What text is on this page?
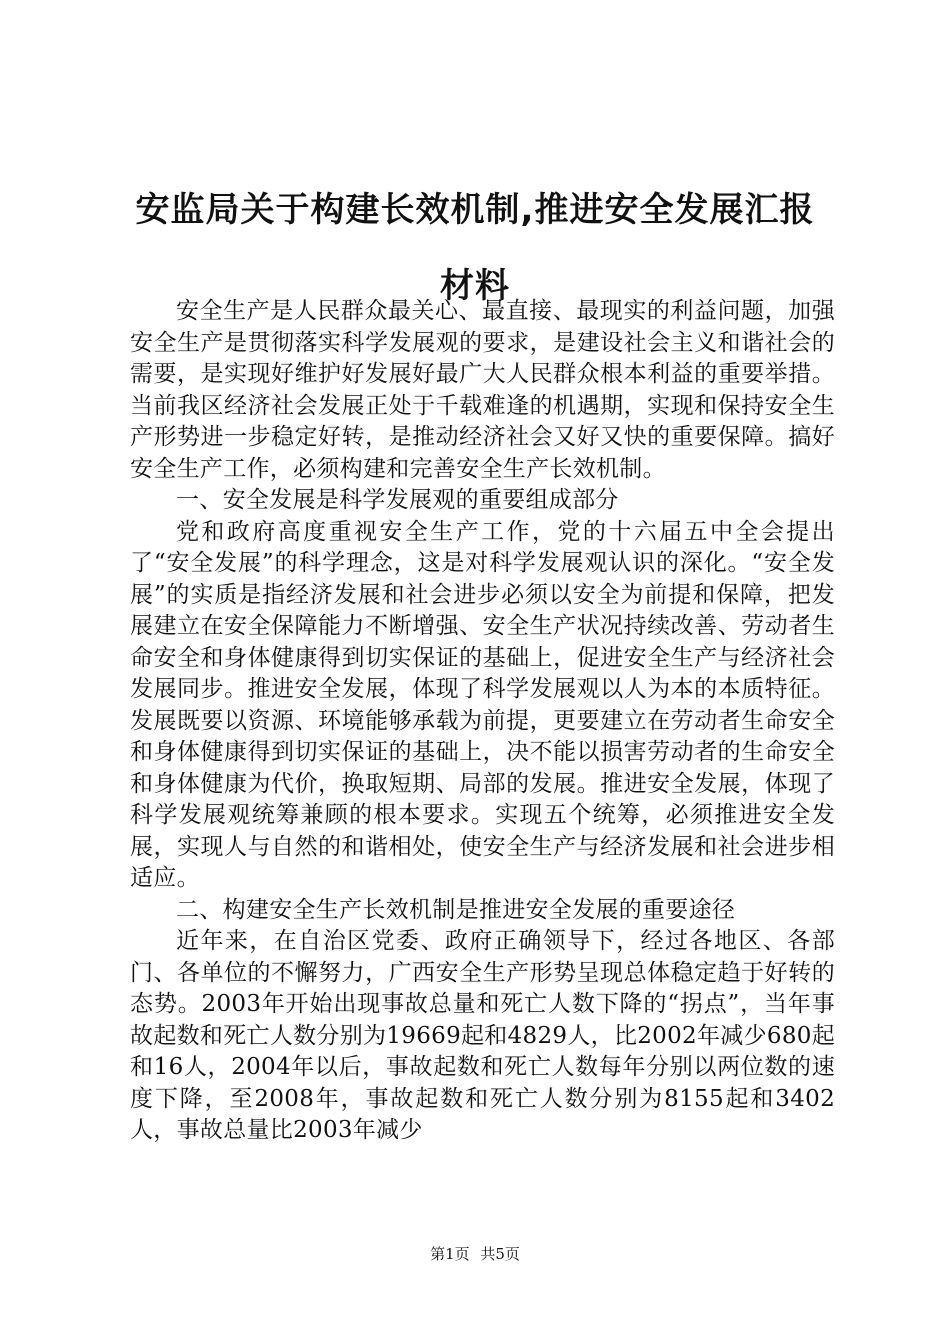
安监局关于构建长效机制,推进安全发展汇报材料

安全生产是人民群众最关心、最直接、最现实的利益问题，加强安全生产是贯彻落实科学发展观的要求，是建设社会主义和谐社会的需要，是实现好维护好发展好最广大人民群众根本利益的重要举措。当前我区经济社会发展正处于千载难逢的机遇期，实现和保持安全生产形势进一步稳定好转，是推动经济社会又好又快的重要保障。搞好安全生产工作，必须构建和完善安全生产长效机制。

一、安全发展是科学发展观的重要组成部分

党和政府高度重视安全生产工作，党的十六届五中全会提出了“安全发展”的科学理念，这是对科学发展观认识的深化。“安全发展”的实质是指经济发展和社会进步必须以安全为前提和保障，把发展建立在安全保障能力不断增强、安全生产状况持续改善、劳动者生命安全和身体健康得到切实保证的基础上，促进安全生产与经济社会发展同步。推进安全发展，体现了科学发展观以人为本的本质特征。发展既要以资源、环境能够承载为前提，更要建立在劳动者生命安全和身体健康得到切实保证的基础上，决不能以损害劳动者的生命安全和身体健康为代价，换取短期、局部的发展。推进安全发展，体现了科学发展观统筹兼顾的根本要求。实现五个统筹，必须推进安全发展，实现人与自然的和谐相处，使安全生产与经济发展和社会进步相适应。

二、构建安全生产长效机制是推进安全发展的重要途径

近年来，在自治区党委、政府正确领导下，经过各地区、各部门、各单位的不懈努力，广西安全生产形势呈现总体稳定趋于好转的态势。2003年开始出现事故总量和死亡人数下降的“拐点”，当年事故起数和死亡人数分别为19669起和4829人，比2002年减少680起和16人，2004年以后，事故起数和死亡人数每年分别以两位数的速度下降，至2008年，事故起数和死亡人数分别为8155起和3402人，事故总量比2003年减少

第1页 共5页
